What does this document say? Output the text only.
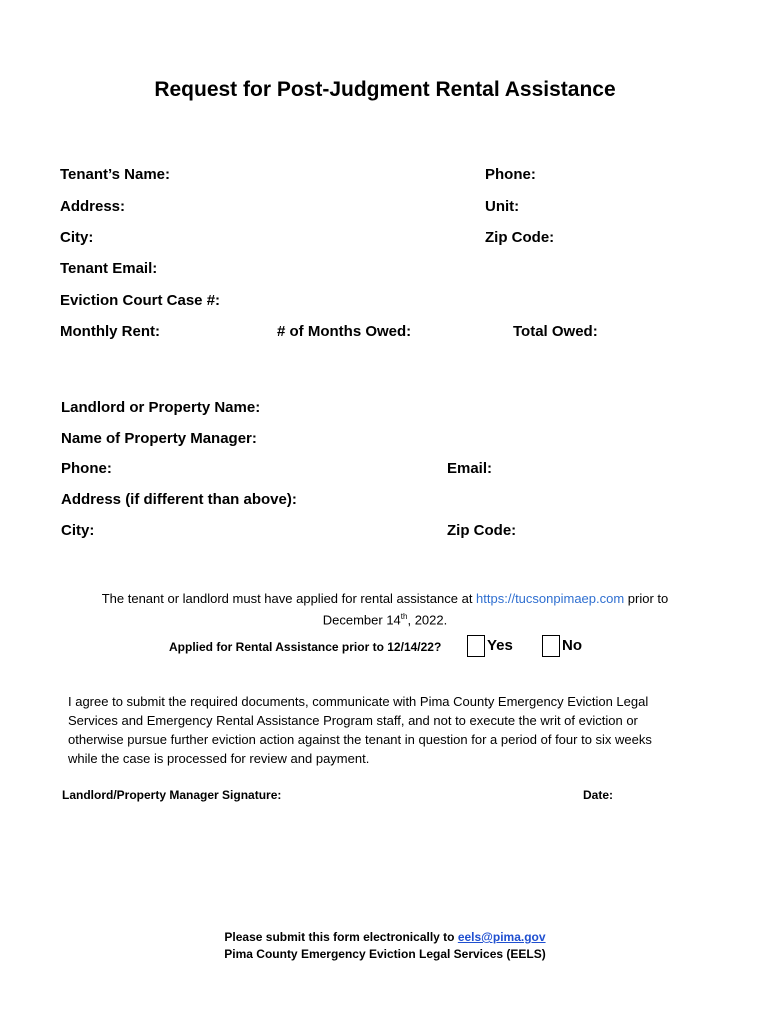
Request for Post-Judgment Rental Assistance
Tenant’s Name:	Phone:
Address:	Unit:
City:	Zip Code:
Tenant Email:
Eviction Court Case #:
Monthly Rent:	# of Months Owed:	Total Owed:
Landlord or Property Name:
Name of Property Manager:
Phone:	Email:
Address (if different than above):
City:	Zip Code:
The tenant or landlord must have applied for rental assistance at https://tucsonpimaep.com prior to
December 14th, 2022.
Applied for Rental Assistance prior to 12/14/22?	Yes	No
I agree to submit the required documents, communicate with Pima County Emergency Eviction Legal
Services and Emergency Rental Assistance Program staff, and not to execute the writ of eviction or
otherwise pursue further eviction action against the tenant in question for a period of four to six weeks
while the case is processed for review and payment.
Landlord/Property Manager Signature:	Date:
Please submit this form electronically to eels@pima.gov
Pima County Emergency Eviction Legal Services (EELS)
